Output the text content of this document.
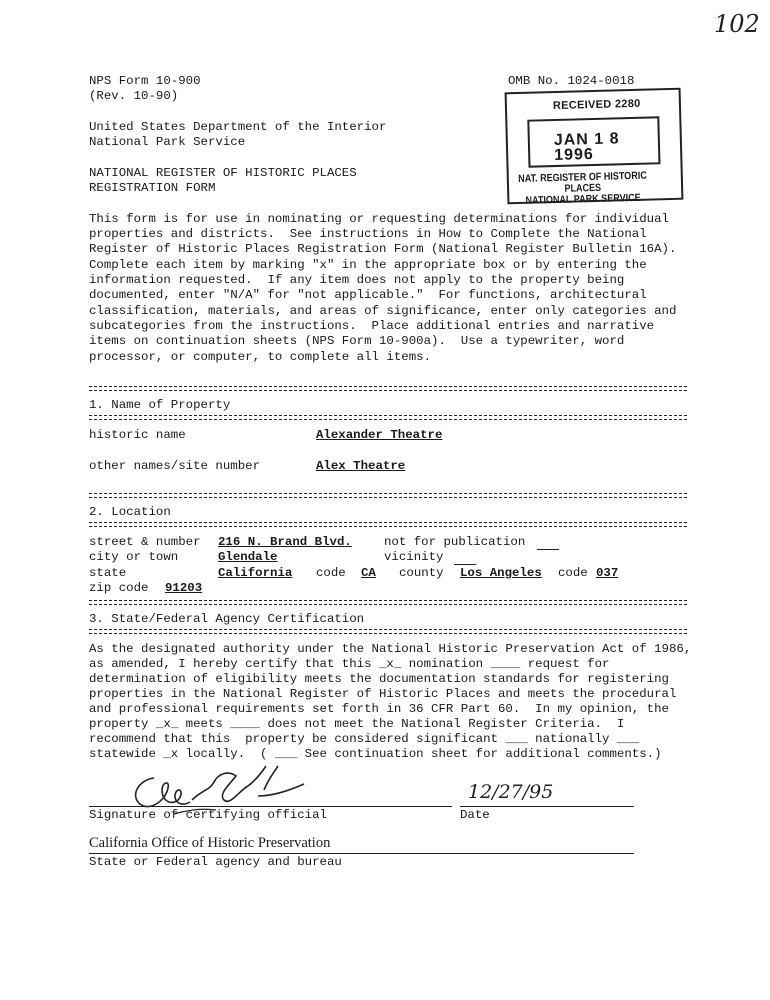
102
NPS Form 10-900
(Rev. 10-90)
OMB No. 1024-0018
United States Department of the Interior
National Park Service
NATIONAL REGISTER OF HISTORIC PLACES
REGISTRATION FORM
RECEIVED 2280
JAN 1 8 1996
NAT. REGISTER OF HISTORIC PLACES
NATIONAL PARK SERVICE
This form is for use in nominating or requesting determinations for individual
properties and districts.  See instructions in How to Complete the National
Register of Historic Places Registration Form (National Register Bulletin 16A).
Complete each item by marking "x" in the appropriate box or by entering the
information requested.  If any item does not apply to the property being
documented, enter "N/A" for "not applicable."  For functions, architectural
classification, materials, and areas of significance, enter only categories and
subcategories from the instructions.  Place additional entries and narrative
items on continuation sheets (NPS Form 10-900a).  Use a typewriter, word
processor, or computer, to complete all items.
1. Name of Property
historic name	Alexander Theatre
other names/site number	Alex Theatre
2. Location
street & number 216 N. Brand Blvd.	not for publication
city or town	Glendale	vicinity
state	California code CA county Los Angeles code 037
zip code 91203
3. State/Federal Agency Certification
As the designated authority under the National Historic Preservation Act of 1986,
as amended, I hereby certify that this _x_ nomination ____ request for
determination of eligibility meets the documentation standards for registering
properties in the National Register of Historic Places and meets the procedural
and professional requirements set forth in 36 CFR Part 60.  In my opinion, the
property _x_ meets ____ does not meet the National Register Criteria.  I
recommend that this  property be considered significant ___ nationally ___
statewide _x locally.  ( ___ See continuation sheet for additional comments.)
Signature of certifying official
12/27/95
Date
California Office of Historic Preservation
State or Federal agency and bureau
